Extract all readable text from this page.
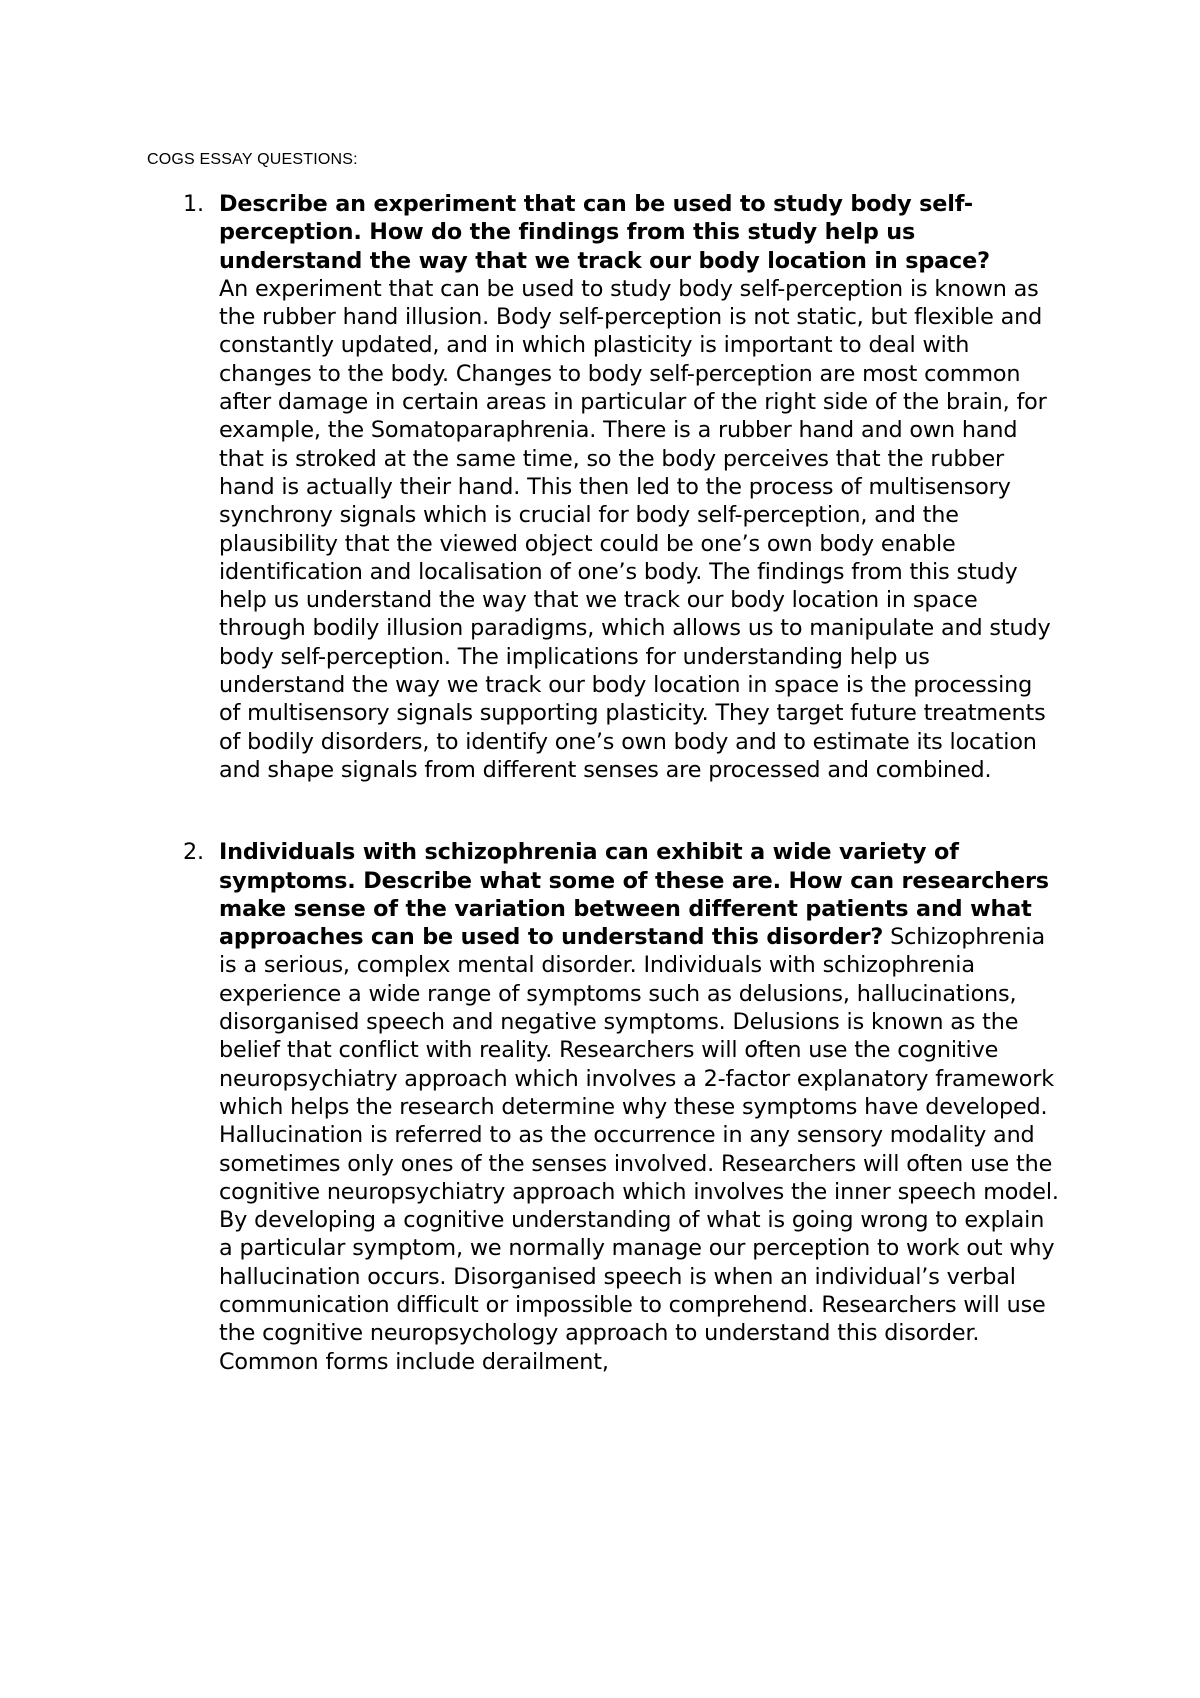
COGS ESSAY QUESTIONS:
1. Describe an experiment that can be used to study body self-perception. How do the findings from this study help us understand the way that we track our body location in space?
An experiment that can be used to study body self-perception is known as the rubber hand illusion. Body self-perception is not static, but flexible and constantly updated, and in which plasticity is important to deal with changes to the body. Changes to body self-perception are most common after damage in certain areas in particular of the right side of the brain, for example, the Somatoparaphrenia. There is a rubber hand and own hand that is stroked at the same time, so the body perceives that the rubber hand is actually their hand. This then led to the process of multisensory synchrony signals which is crucial for body self-perception, and the plausibility that the viewed object could be one’s own body enable identification and localisation of one’s body. The findings from this study help us understand the way that we track our body location in space through bodily illusion paradigms, which allows us to manipulate and study body self-perception. The implications for understanding help us understand the way we track our body location in space is the processing of multisensory signals supporting plasticity. They target future treatments of bodily disorders, to identify one’s own body and to estimate its location and shape signals from different senses are processed and combined.
2. Individuals with schizophrenia can exhibit a wide variety of symptoms. Describe what some of these are. How can researchers make sense of the variation between different patients and what approaches can be used to understand this disorder? Schizophrenia is a serious, complex mental disorder. Individuals with schizophrenia experience a wide range of symptoms such as delusions, hallucinations, disorganised speech and negative symptoms. Delusions is known as the belief that conflict with reality. Researchers will often use the cognitive neuropsychiatry approach which involves a 2-factor explanatory framework which helps the research determine why these symptoms have developed. Hallucination is referred to as the occurrence in any sensory modality and sometimes only ones of the senses involved. Researchers will often use the cognitive neuropsychiatry approach which involves the inner speech model. By developing a cognitive understanding of what is going wrong to explain a particular symptom, we normally manage our perception to work out why hallucination occurs. Disorganised speech is when an individual’s verbal communication difficult or impossible to comprehend. Researchers will use the cognitive neuropsychology approach to understand this disorder. Common forms include derailment,
